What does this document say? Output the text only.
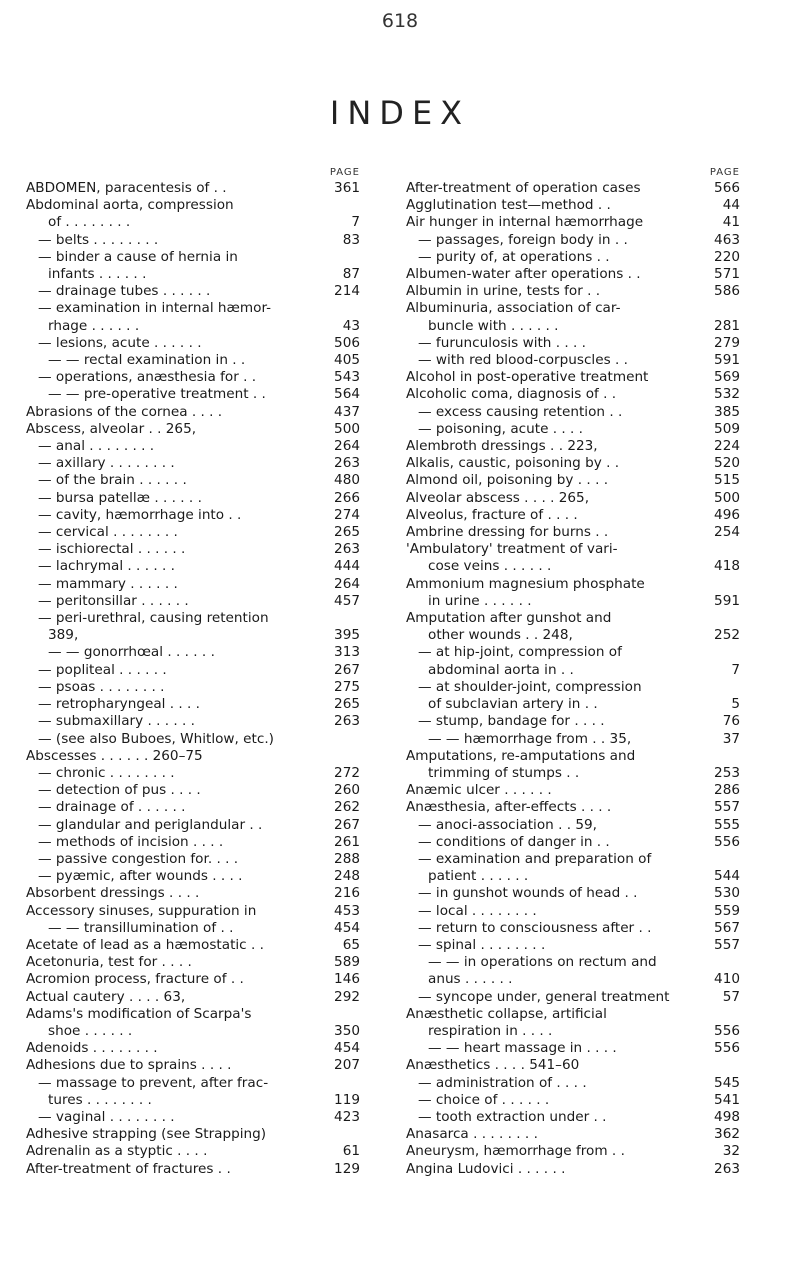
618
INDEX
PAGE
ABDOMEN, paracentesis of . .	361
Abdominal aorta, compression
of . . . . . . . .	7
— belts . . . . . . . .	83
— binder a cause of hernia in
infants . . . . . .	87
— drainage tubes . . . . . .	214
— examination in internal hæmor-
rhage . . . . . .	43
— lesions, acute . . . . . .	506
— — rectal examination in . .	405
— operations, anæsthesia for . .	543
— — pre-operative treatment . .	564
Abrasions of the cornea . . . .	437
Abscess, alveolar . . 265,	500
— anal . . . . . . . .	264
— axillary . . . . . . . .	263
— of the brain . . . . . .	480
— bursa patellæ . . . . . .	266
— cavity, hæmorrhage into . .	274
— cervical . . . . . . . .	265
— ischiorectal . . . . . .	263
— lachrymal . . . . . .	444
— mammary . . . . . .	264
— peritonsillar . . . . . .	457
— peri-urethral, causing retention
389,	395
— — gonorrhœal . . . . . .	313
— popliteal . . . . . .	267
— psoas . . . . . . . .	275
— retropharyngeal . . . .	265
— submaxillary . . . . . .	263
— (see also Buboes, Whitlow, etc.)
Abscesses . . . . . . 260–75
— chronic . . . . . . . .	272
— detection of pus . . . .	260
— drainage of . . . . . .	262
— glandular and periglandular . .	267
— methods of incision . . . .	261
— passive congestion for. . . .	288
— pyæmic, after wounds . . . .	248
Absorbent dressings . . . .	216
Accessory sinuses, suppuration in	453
— — transillumination of . .	454
Acetate of lead as a hæmostatic . .	65
Acetonuria, test for . . . .	589
Acromion process, fracture of . .	146
Actual cautery . . . . 63,	292
Adams's modification of Scarpa's
shoe . . . . . .	350
Adenoids . . . . . . . .	454
Adhesions due to sprains . . . .	207
— massage to prevent, after frac-
tures . . . . . . . .	119
— vaginal . . . . . . . .	423
Adhesive strapping (see Strapping)
Adrenalin as a styptic . . . .	61
After-treatment of fractures . .	129
PAGE
After-treatment of operation cases	566
Agglutination test—method . .	44
Air hunger in internal hæmorrhage	41
— passages, foreign body in . .	463
— purity of, at operations . .	220
Albumen-water after operations . .	571
Albumin in urine, tests for . .	586
Albuminuria, association of car-
buncle with . . . . . .	281
— furunculosis with . . . .	279
— with red blood-corpuscles . .	591
Alcohol in post-operative treatment	569
Alcoholic coma, diagnosis of . .	532
— excess causing retention . .	385
— poisoning, acute . . . .	509
Alembroth dressings . . 223,	224
Alkalis, caustic, poisoning by . .	520
Almond oil, poisoning by . . . .	515
Alveolar abscess . . . . 265,	500
Alveolus, fracture of . . . .	496
Ambrine dressing for burns . .	254
'Ambulatory' treatment of vari-
cose veins . . . . . .	418
Ammonium magnesium phosphate
in urine . . . . . .	591
Amputation after gunshot and
other wounds . . 248,	252
— at hip-joint, compression of
abdominal aorta in . .	7
— at shoulder-joint, compression
of subclavian artery in . .	5
— stump, bandage for . . . .	76
— — hæmorrhage from . . 35,	37
Amputations, re-amputations and
trimming of stumps . .	253
Anæmic ulcer . . . . . .	286
Anæsthesia, after-effects . . . .	557
— anoci-association . . 59,	555
— conditions of danger in . .	556
— examination and preparation of
patient . . . . . .	544
— in gunshot wounds of head . .	530
— local . . . . . . . .	559
— return to consciousness after . .	567
— spinal . . . . . . . .	557
— — in operations on rectum and
anus . . . . . .	410
— syncope under, general treatment	57
Anæsthetic collapse, artificial
respiration in . . . .	556
— — heart massage in . . . .	556
Anæsthetics . . . . 541–60
— administration of . . . .	545
— choice of . . . . . .	541
— tooth extraction under . .	498
Anasarca . . . . . . . .	362
Aneurysm, hæmorrhage from . .	32
Angina Ludovici . . . . . .	263
